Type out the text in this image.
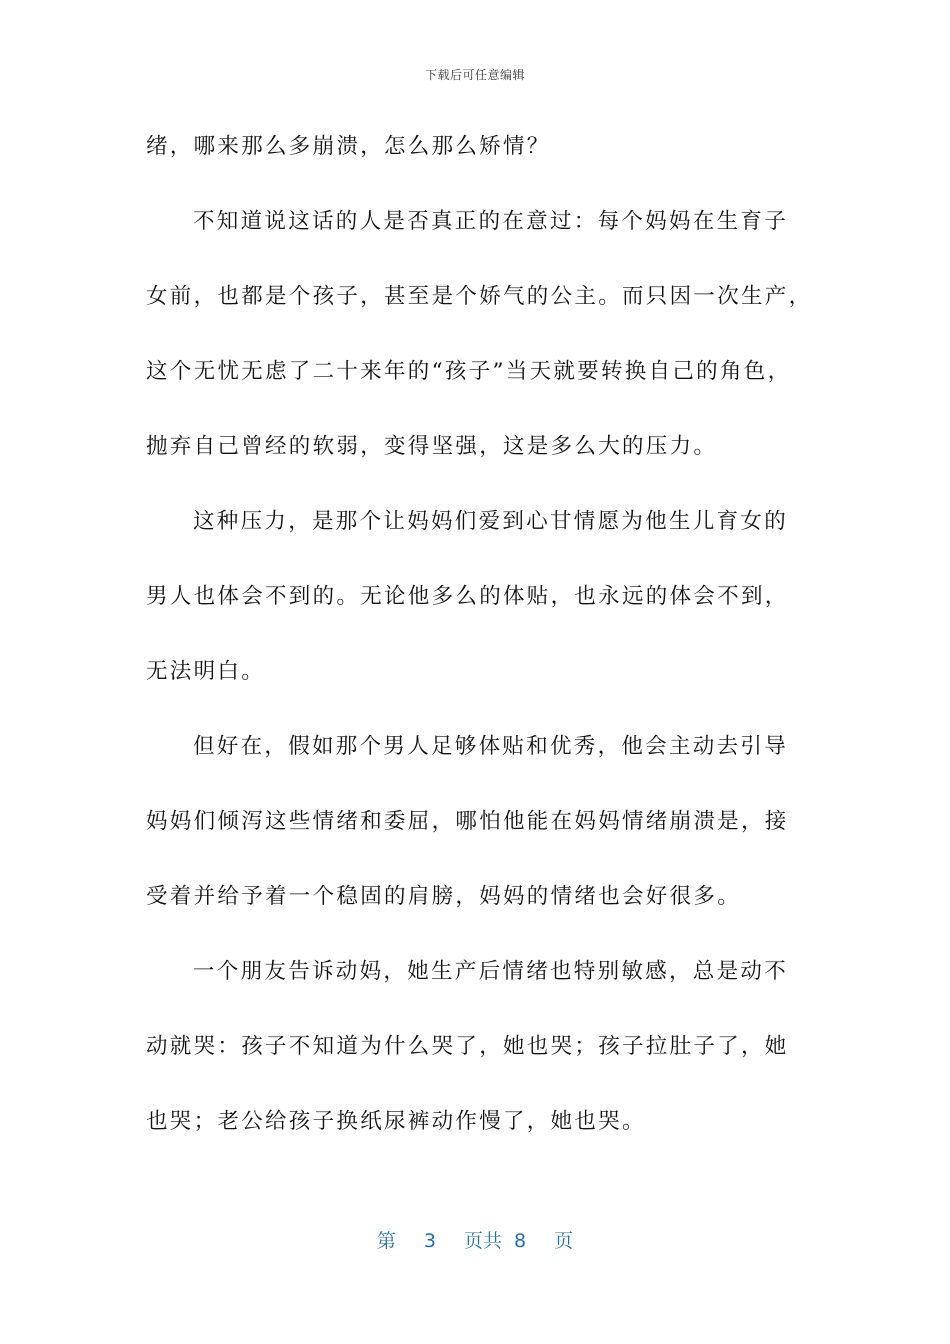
下载后可任意编辑
绪，哪来那么多崩溃，怎么那么矫情？
不知道说这话的人是否真正的在意过：每个妈妈在生育子
女前，也都是个孩子，甚至是个娇气的公主。而只因一次生产，
这个无忧无虑了二十来年的“孩子”当天就要转换自己的角色，
抛弃自己曾经的软弱，变得坚强，这是多么大的压力。
这种压力，是那个让妈妈们爱到心甘情愿为他生儿育女的
男人也体会不到的。无论他多么的体贴，也永远的体会不到，
无法明白。
但好在，假如那个男人足够体贴和优秀，他会主动去引导
妈妈们倾泻这些情绪和委屈，哪怕他能在妈妈情绪崩溃是，接
受着并给予着一个稳固的肩膀，妈妈的情绪也会好很多。
一个朋友告诉动妈，她生产后情绪也特别敏感，总是动不
动就哭：孩子不知道为什么哭了，她也哭；孩子拉肚子了，她
也哭；老公给孩子换纸尿裤动作慢了，她也哭。
第 3 页共 8 页
